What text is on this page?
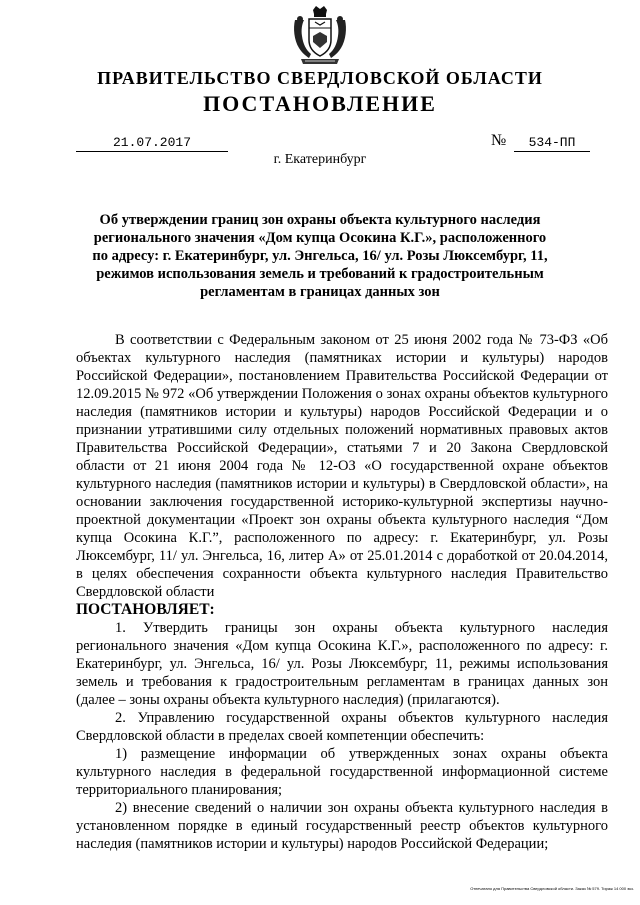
ПРАВИТЕЛЬСТВО СВЕРДЛОВСКОЙ ОБЛАСТИ
ПОСТАНОВЛЕНИЕ
21.07.2017	№	534-ПП
г. Екатеринбург
Об утверждении границ зон охраны объекта культурного наследия
регионального значения «Дом купца Осокина К.Г.», расположенного
по адресу: г. Екатеринбург, ул. Энгельса, 16/ ул. Розы Люксембург, 11,
режимов использования земель и требований к градостроительным
регламентам в границах данных зон

В соответствии с Федеральным законом от 25 июня 2002 года № 73-ФЗ «Об объектах культурного наследия (памятниках истории и культуры) народов Российской Федерации», постановлением Правительства Российской Федерации от 12.09.2015 № 972 «Об утверждении Положения о зонах охраны объектов культурного наследия (памятников истории и культуры) народов Российской Федерации и о признании утратившими силу отдельных положений нормативных правовых актов Правительства Российской Федерации», статьями 7 и 20 Закона Свердловской области от 21 июня 2004 года № 12-ОЗ «О государственной охране объектов культурного наследия (памятников истории и культуры) в Свердловской области», на основании заключения государственной историко-культурной экспертизы научно-проектной документации «Проект зон охраны объекта культурного наследия “Дом купца Осокина К.Г.”, расположенного по адресу: г. Екатеринбург, ул. Розы Люксембург, 11/ ул. Энгельса, 16, литер А» от 25.01.2014 с доработкой от 20.04.2014, в целях обеспечения сохранности объекта культурного наследия Правительство Свердловской области

ПОСТАНОВЛЯЕТ:

1. Утвердить границы зон охраны объекта культурного наследия регионального значения «Дом купца Осокина К.Г.», расположенного по адресу: г. Екатеринбург, ул. Энгельса, 16/ ул. Розы Люксембург, 11, режимы использования земель и требования к градостроительным регламентам в границах данных зон (далее – зоны охраны объекта культурного наследия) (прилагаются).

2. Управлению государственной охраны объектов культурного наследия Свердловской области в пределах своей компетенции обеспечить:

1) размещение информации об утвержденных зонах охраны объекта культурного наследия в федеральной государственной информационной системе территориального планирования;

2) внесение сведений о наличии зон охраны объекта культурного наследия в установленном порядке в единый государственный реестр объектов культурного наследия (памятников истории и культуры) народов Российской Федерации;

Отпечатано для Правительства Свердловской области. Заказ № 579. Тираж 14 000 экз.
